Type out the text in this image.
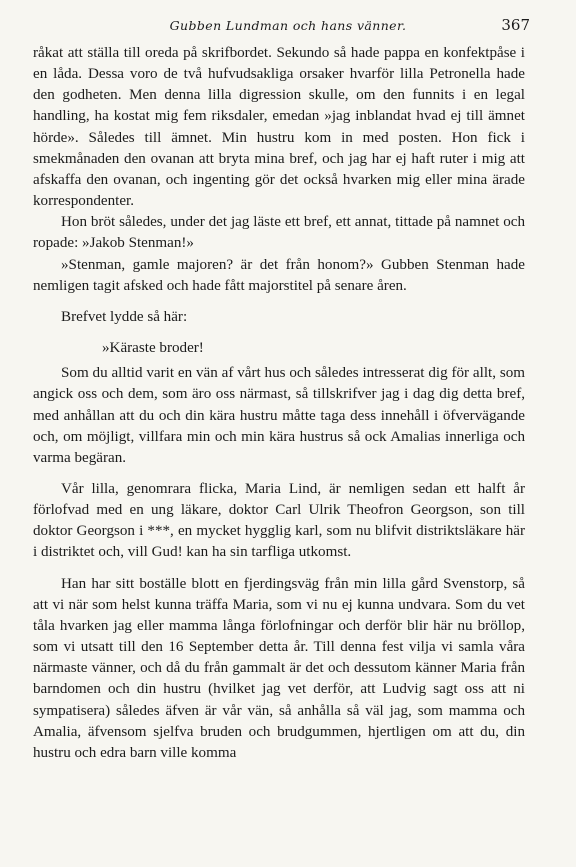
Gubben Lundman och hans vänner.	367

råkat att ställa till oreda på skrifbordet. Sekundo så hade pappa en konfektpåse i en låda. Dessa voro de två hufvudsakliga orsaker hvarför lilla Petronella hade den godheten. Men denna lilla digression skulle, om den funnits i en legal handling, ha kostat mig fem riksdaler, emedan »jag inblandat hvad ej till ämnet hörde». Således till ämnet. Min hustru kom in med posten. Hon fick i smekmånaden den ovanan att bryta mina bref, och jag har ej haft ruter i mig att afskaffa den ovanan, och ingenting gör det också hvarken mig eller mina ärade korrespondenter.

Hon bröt således, under det jag läste ett bref, ett annat, tittade på namnet och ropade: »Jakob Stenman!»

»Stenman, gamle majoren? är det från honom?» Gubben Stenman hade nemligen tagit afsked och hade fått majorstitel på senare åren.

Brefvet lydde så här:

»Käraste broder!

Som du alltid varit en vän af vårt hus och således intresserat dig för allt, som angick oss och dem, som äro oss närmast, så tillskrifver jag i dag dig detta bref, med anhållan att du och din kära hustru måtte taga dess innehåll i öfvervägande och, om möjligt, villfara min och min kära hustrus så ock Amalias innerliga och varma begäran.

Vår lilla, genomrara flicka, Maria Lind, är nemligen sedan ett halft år förlofvad med en ung läkare, doktor Carl Ulrik Theofron Georgson, son till doktor Georgson i ***, en mycket hygglig karl, som nu blifvit distriktsläkare här i distriktet och, vill Gud! kan ha sin tarfliga utkomst.

Han har sitt boställe blott en fjerdingsväg från min lilla gård Svenstorp, så att vi när som helst kunna träffa Maria, som vi nu ej kunna undvara. Som du vet tåla hvarken jag eller mamma långa förlofningar och derför blir här nu bröllop, som vi utsatt till den 16 September detta år. Till denna fest vilja vi samla våra närmaste vänner, och då du från gammalt är det och dessutom känner Maria från barndomen och din hustru (hvilket jag vet derför, att Ludvig sagt oss att ni sympatisera) således äfven är vår vän, så anhålla så väl jag, som mamma och Amalia, äfvensom sjelfva bruden och brudgummen, hjertligen om att du, din hustru och edra barn ville komma
